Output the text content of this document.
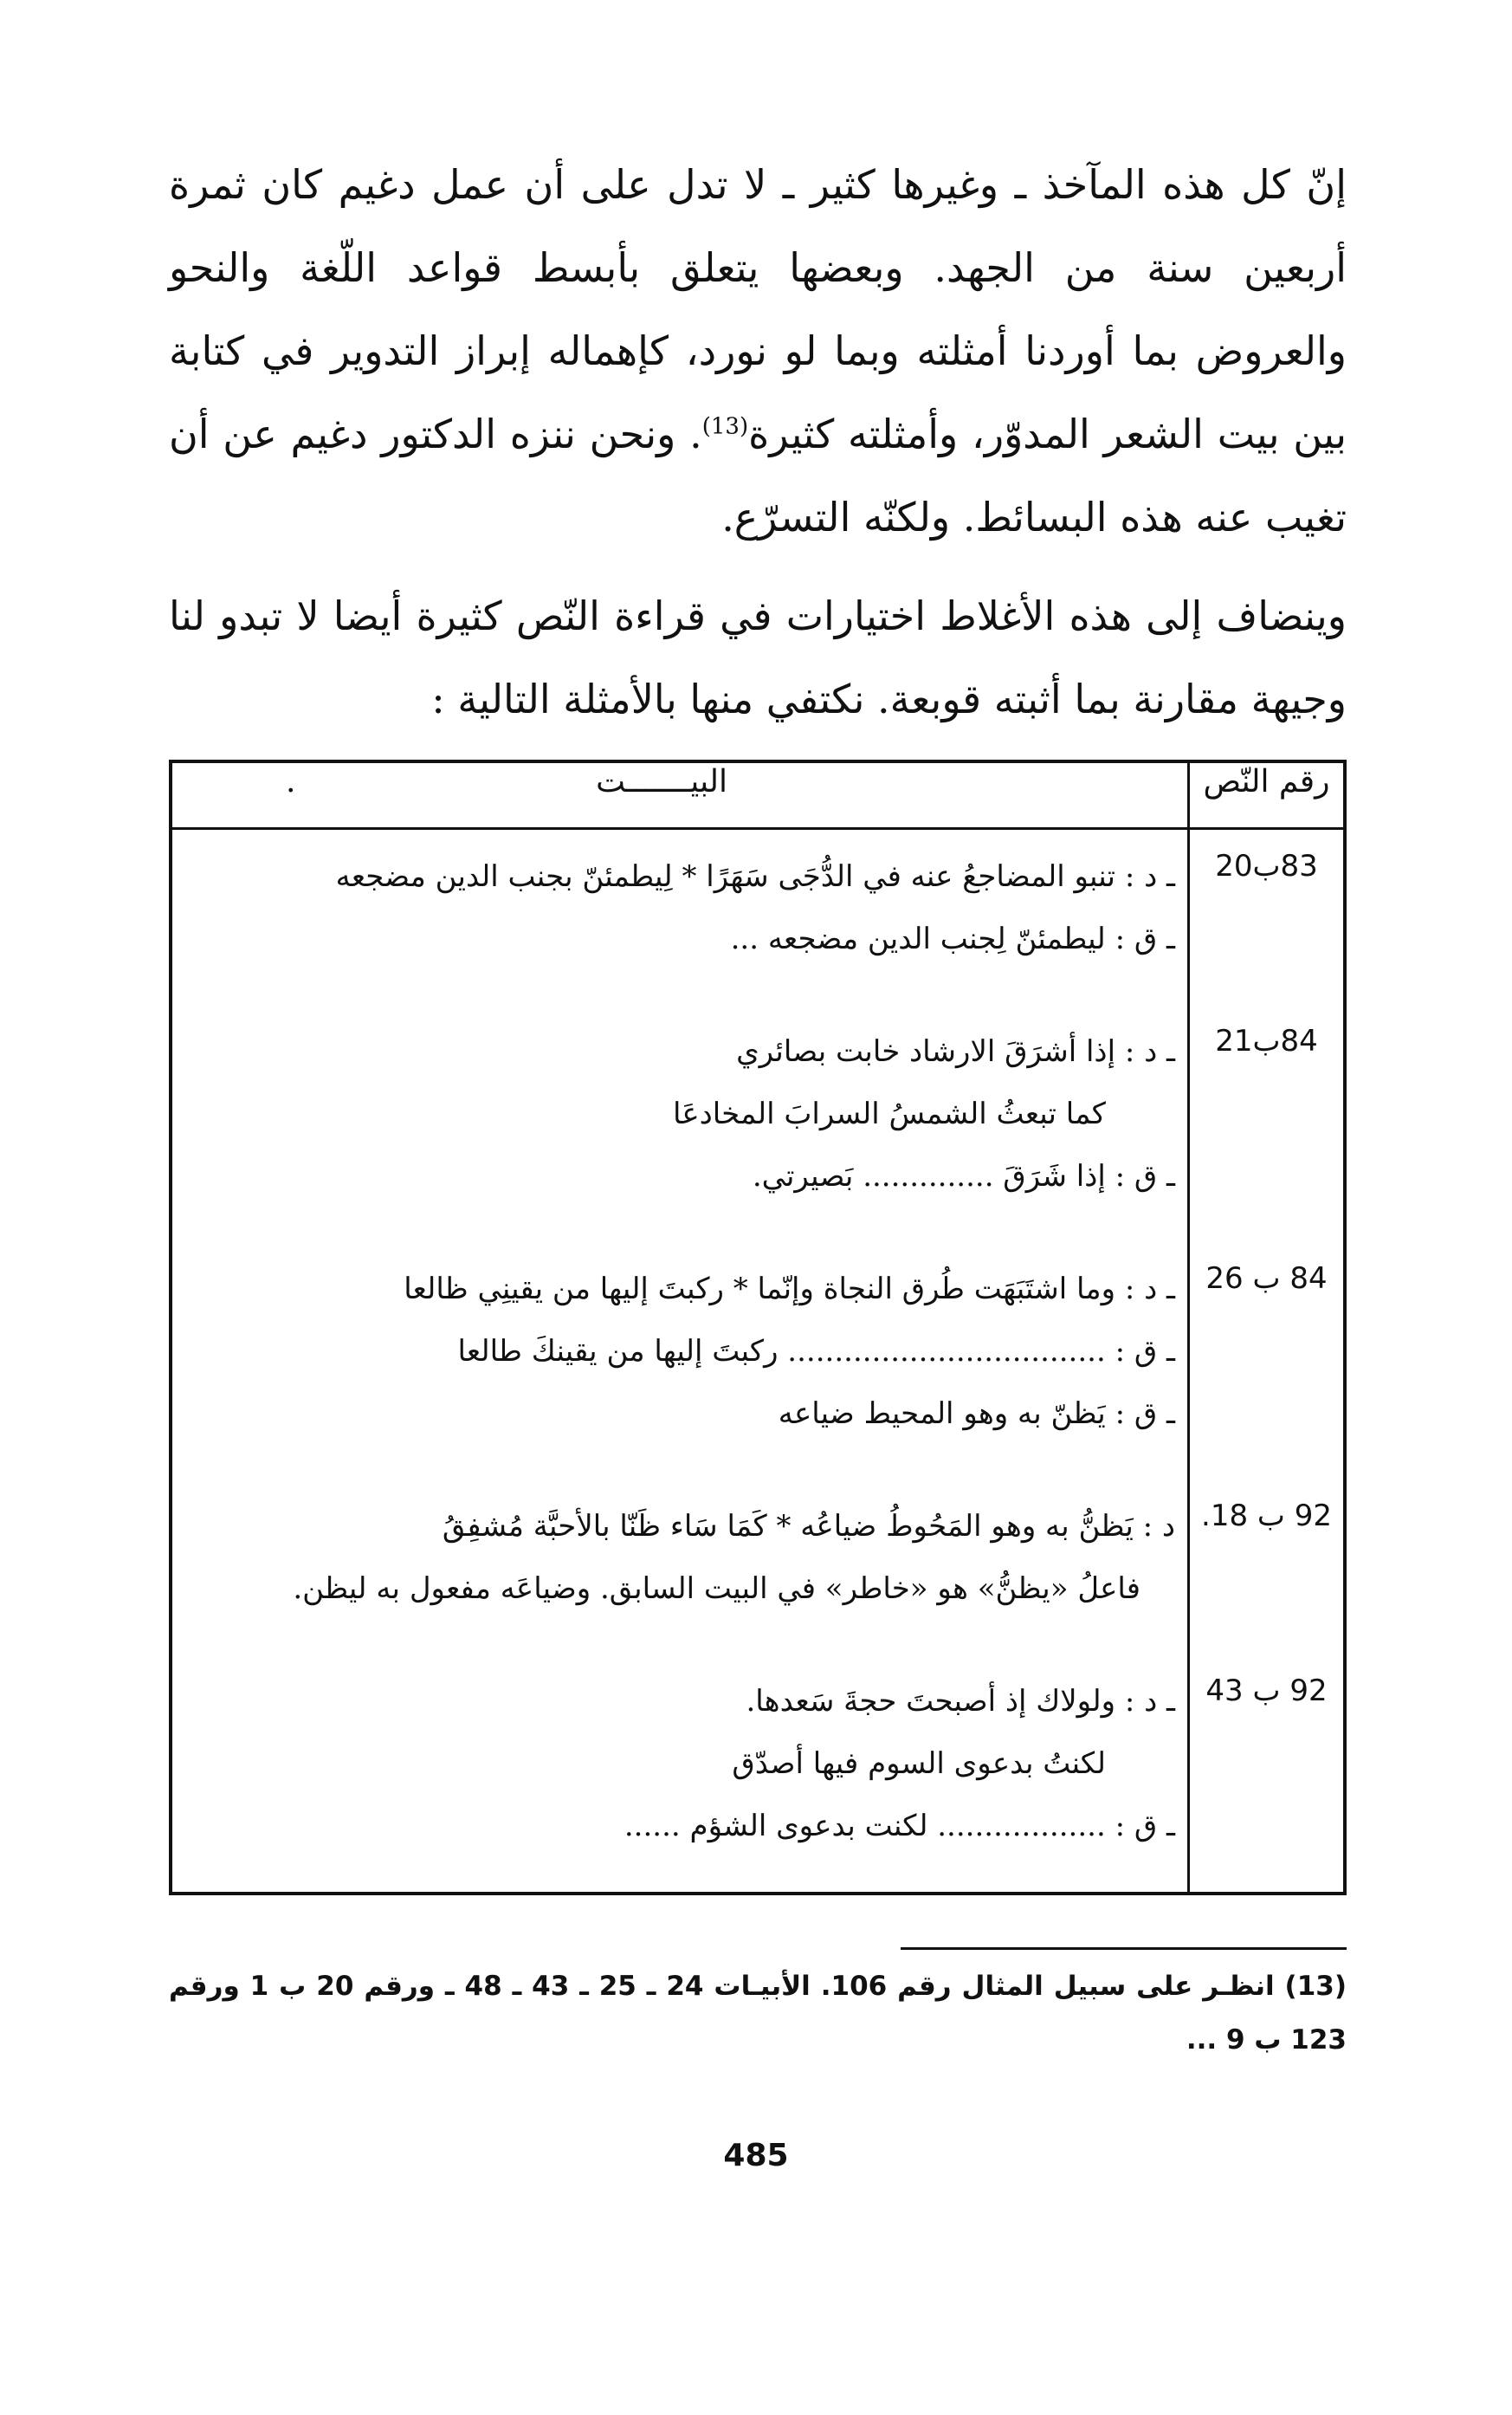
إنّ كل هذه المآخذ ـ وغيرها كثير ـ لا تدل على أن عمل دغيم كان ثمرة أربعين سنة من الجهد. وبعضها يتعلق بأبسط قواعد اللّغة والنحو والعروض بما أوردنا أمثلته وبما لو نورد، كإهماله إبراز التدوير في كتابة بين بيت الشعر المدوّر، وأمثلته كثيرة$^{(13)}$. ونحن ننزه الدكتور دغيم عن أن تغيب عنه هذه البسائط. ولكنّه التسرّع.

وينضاف إلى هذه الأغلاط اختيارات في قراءة النّص كثيرة أيضا لا تبدو لنا وجيهة مقارنة بما أثبته قوبعة. نكتفي منها بالأمثلة التالية :

رقم النّص	البيـــــــت
.

83ب20	ـ د : تنبو المضاجعُ عنه في الدُّجَى سَهَرًا * لِيطمئنّ بجنب الدين مضجعه
ـ ق : ليطمئنّ لِجنب الدين مضجعه ...

84ب21	ـ د : إذا أشرَقَ الارشاد خابت بصائري
كما تبعثُ الشمسُ السرابَ المخادعَا
ـ ق : إذا شَرَقَ .............. بَصيرتي.

84 ب 26	ـ د : وما اشتَبَهَت طُرق النجاة وإنّما * ركبتَ إليها من يقينِي ظالعا
ـ ق : .................................. ركبتَ إليها من يقينكَ طالعا
ـ ق : يَظنّ به وهو المحيط ضياعه

92 ب 18.	د : يَظنُّ به وهو المَحُوطُ ضياعُه * كَمَا سَاء ظَنّا بالأحبَّة مُشفِقُ
فاعلُ «يظنُّ» هو «خاطر» في البيت السابق. وضياعَه مفعول به ليظن.

92 ب 43	ـ د : ولولاك إذ أصبحتَ حجةَ سَعدها.
لكنتُ بدعوى السوم فيها أصدّق
ـ ق : .................. لكنت بدعوى الشؤم ......
(13) انظـر على سبيل المثال رقم 106. الأبيـات 24 ـ 25 ـ 43 ـ 48 ـ ورقم 20 ب 1 ورقم 123 ب 9 ...
485
